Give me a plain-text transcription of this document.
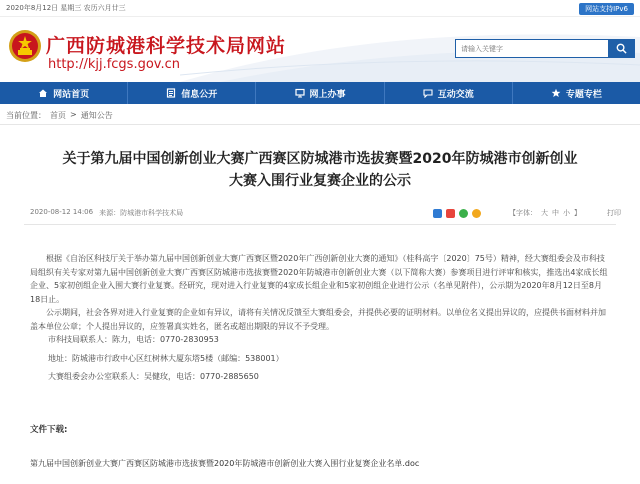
2020年8月12日 星期三 农历六月廿三	网站支持IPv6
广西防城港科学技术局网站
http://kjj.fcgs.gov.cn
请输入关键字
网站首页	信息公开	网上办事	互动交流	专题专栏
当前位置： 首页 > 通知公告
关于第九届中国创新创业大赛广西赛区防城港市选拔赛暨2020年防城港市创新创业
大赛入围行业复赛企业的公示
2020-08-12 14:06 来源：防城港市科学技术局	【字体： 大 中 小 】	打印

根据《自治区科技厅关于举办第九届中国创新创业大赛广西赛区暨2020年广西创新创业大赛的通知》（桂科高字〔2020〕75号）精神，经大赛组委会及市科技局组织有关专家对第九届中国创新创业大赛广西赛区防城港市选拔赛暨2020年防城港市创新创业大赛（以下简称大赛）参赛项目进行评审和核实，推选出4家成长组企业、5家初创组企业入围大赛行业复赛。经研究，现对进入行业复赛的4家成长组企业和5家初创组企业进行公示（名单见附件），公示期为2020年8月12日至8月18日止。

公示期间，社会各界对进入行业复赛的企业如有异议，请将有关情况反馈至大赛组委会，并提供必要的证明材料。以单位名义提出异议的，应提供书面材料并加盖本单位公章；个人提出异议的，应签署真实姓名，匿名或超出期限的异议不予受理。

市科技局联系人：陈力，电话：0770-2830953

地址：防城港市行政中心区红树林大厦东塔5楼（邮编：538001）

大赛组委会办公室联系人：吴健玫，电话：0770-2885650

文件下载:
第九届中国创新创业大赛广西赛区防城港市选拔赛暨2020年防城港市创新创业大赛入围行业复赛企业名单.doc
